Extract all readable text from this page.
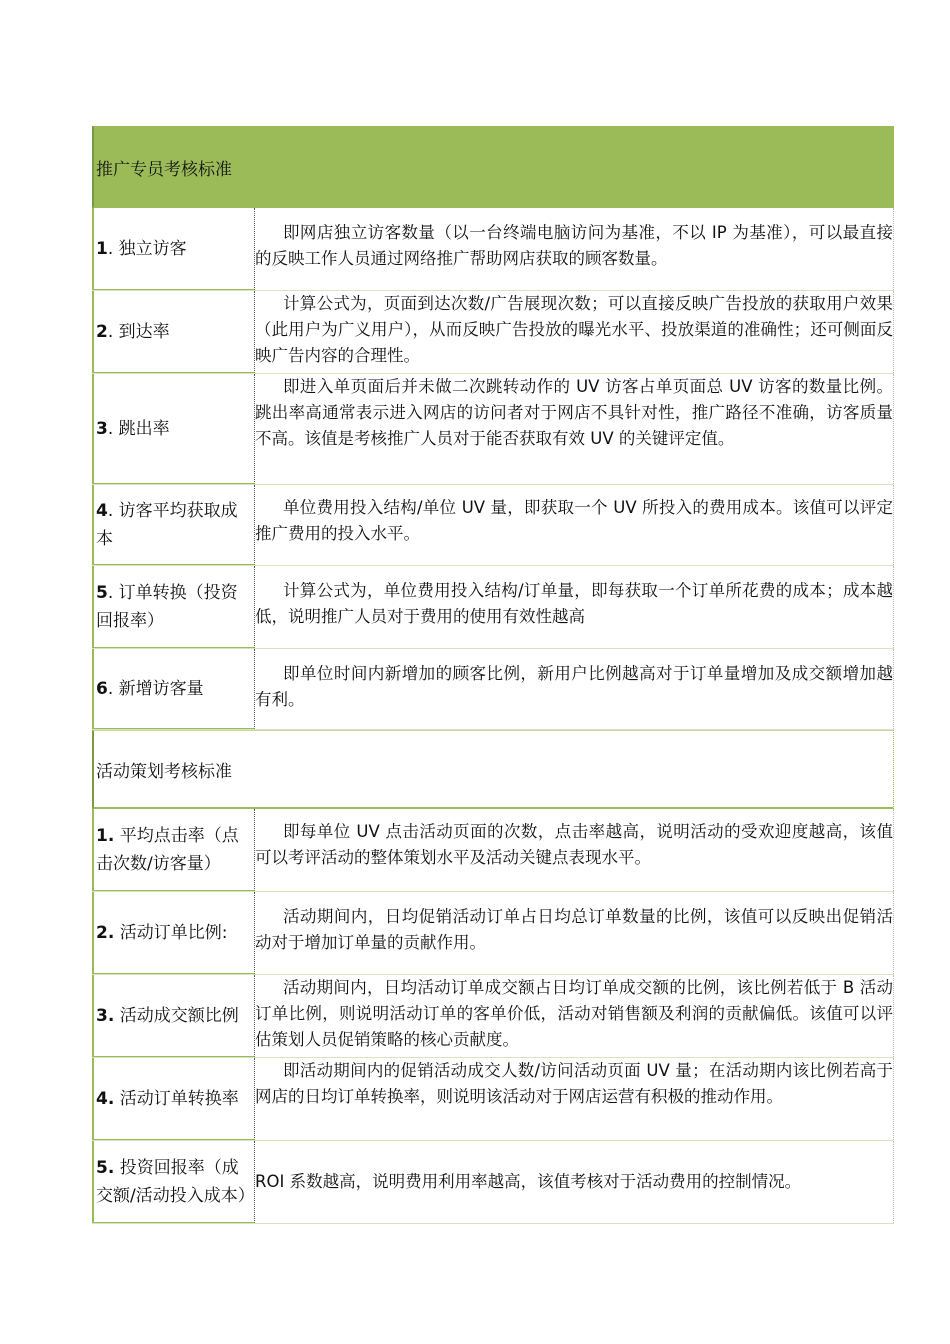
推广专员考核标准
1. 独立访客
即网店独立访客数量（以一台终端电脑访问为基准，不以 IP 为基准），可以最直接的反映工作人员通过网络推广帮助网店获取的顾客数量。
2. 到达率
计算公式为，页面到达次数/广告展现次数；可以直接反映广告投放的获取用户效果（此用户为广义用户），从而反映广告投放的曝光水平、投放渠道的准确性；还可侧面反映广告内容的合理性。
3. 跳出率
即进入单页面后并未做二次跳转动作的 UV 访客占单页面总 UV 访客的数量比例。跳出率高通常表示进入网店的访问者对于网店不具针对性，推广路径不准确，访客质量不高。该值是考核推广人员对于能否获取有效 UV 的关键评定值。
4. 访客平均获取成本
单位费用投入结构/单位 UV 量，即获取一个 UV 所投入的费用成本。该值可以评定推广费用的投入水平。
5. 订单转换（投资回报率）
计算公式为，单位费用投入结构/订单量，即每获取一个订单所花费的成本；成本越低，说明推广人员对于费用的使用有效性越高
6. 新增访客量
即单位时间内新增加的顾客比例，新用户比例越高对于订单量增加及成交额增加越有利。
活动策划考核标准
1. 平均点击率（点击次数/访客量）
即每单位 UV 点击活动页面的次数，点击率越高，说明活动的受欢迎度越高，该值可以考评活动的整体策划水平及活动关键点表现水平。
2. 活动订单比例:
活动期间内，日均促销活动订单占日均总订单数量的比例，该值可以反映出促销活动对于增加订单量的贡献作用。
3. 活动成交额比例
活动期间内，日均活动订单成交额占日均订单成交额的比例，该比例若低于 B 活动订单比例，则说明活动订单的客单价低，活动对销售额及利润的贡献偏低。该值可以评估策划人员促销策略的核心贡献度。
4. 活动订单转换率
即活动期间内的促销活动成交人数/访问活动页面 UV 量；在活动期内该比例若高于网店的日均订单转换率，则说明该活动对于网店运营有积极的推动作用。
5. 投资回报率（成交额/活动投入成本）
ROI 系数越高，说明费用利用率越高，该值考核对于活动费用的控制情况。
